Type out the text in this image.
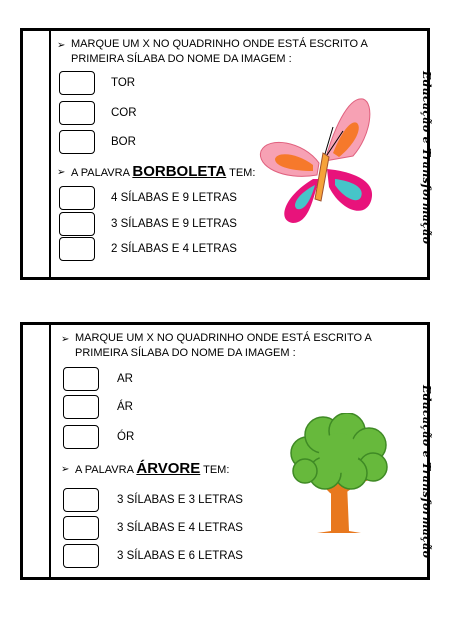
➢ MARQUE UM X NO QUADRINHO ONDE ESTÁ ESCRITO A
PRIMEIRA SÍLABA DO NOME DA IMAGEM :
TOR
COR
BOR
➢ A PALAVRA BORBOLETA TEM:
4 SÍLABAS E 9 LETRAS
3 SÍLABAS E 9 LETRAS
2 SÍLABAS E 4 LETRAS
Educação e Transformação
➢ MARQUE UM X NO QUADRINHO ONDE ESTÁ ESCRITO A
PRIMEIRA SÍLABA DO NOME DA IMAGEM :
AR
ÁR
ÓR
➢ A PALAVRA ÁRVORE TEM:
3 SÍLABAS E 3 LETRAS
3 SÍLABAS E 4 LETRAS
3 SÍLABAS E 6 LETRAS	Educação e Transformação
